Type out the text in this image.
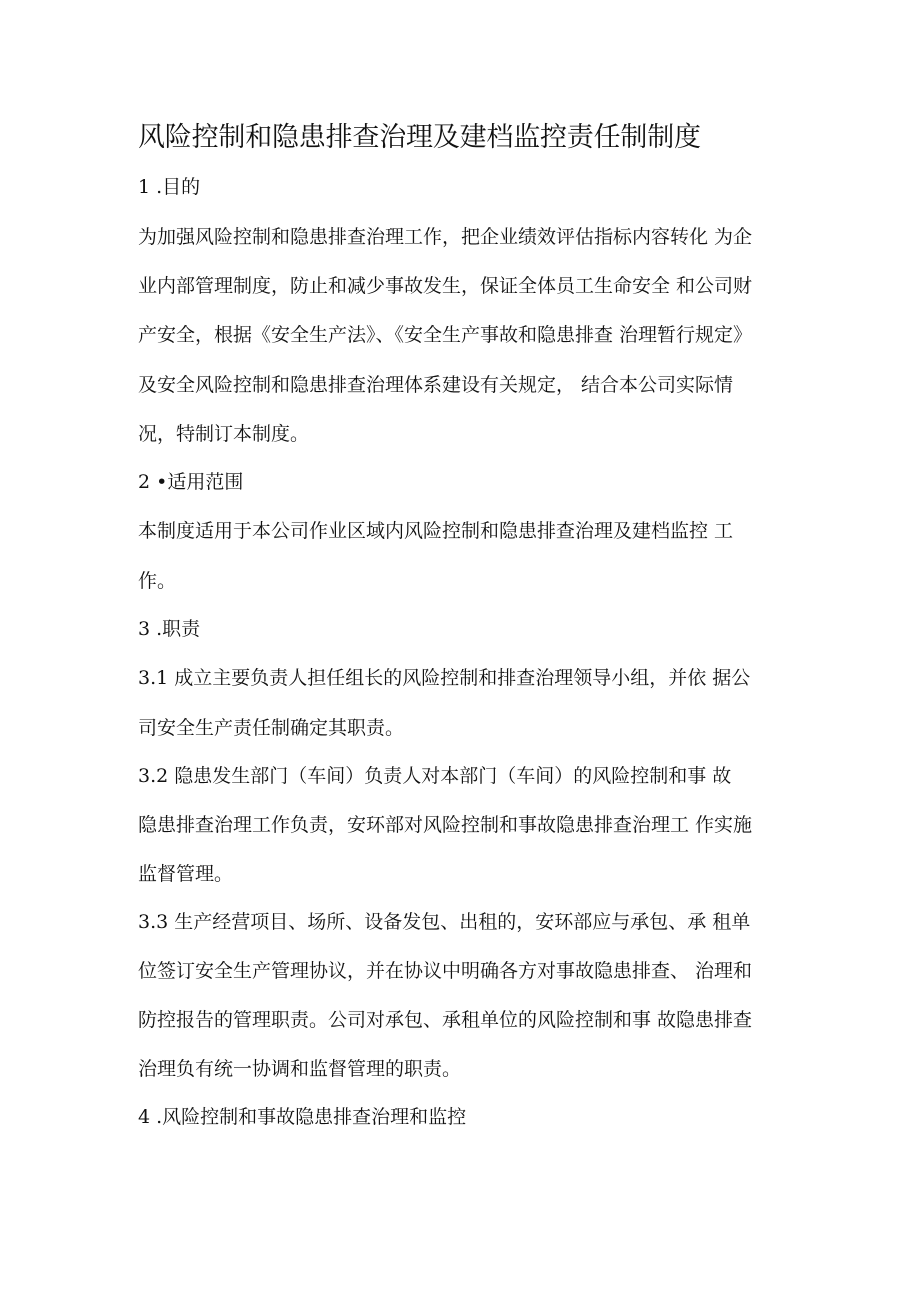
风险控制和隐患排查治理及建档监控责任制制度
1 .目的
为加强风险控制和隐患排查治理工作，把企业绩效评估指标内容转化 为企
业内部管理制度，防止和减少事故发生，保证全体员工生命安全 和公司财
产安全，根据《安全生产法》、《安全生产事故和隐患排查 治理暂行规定》
及安全风险控制和隐患排查治理体系建设有关规定， 结合本公司实际情
况，特制订本制度。
2 •适用范围
本制度适用于本公司作业区域内风险控制和隐患排查治理及建档监控 工
作。
3 .职责
3.1 成立主要负责人担任组长的风险控制和排查治理领导小组，并依 据公
司安全生产责任制确定其职责。
3.2 隐患发生部门（车间）负责人对本部门（车间）的风险控制和事 故
隐患排查治理工作负责，安环部对风险控制和事故隐患排查治理工 作实施
监督管理。
3.3 生产经营项目、场所、设备发包、出租的，安环部应与承包、承 租单
位签订安全生产管理协议，并在协议中明确各方对事故隐患排查、 治理和
防控报告的管理职责。公司对承包、承租单位的风险控制和事 故隐患排查
治理负有统一协调和监督管理的职责。
4 .风险控制和事故隐患排查治理和监控
